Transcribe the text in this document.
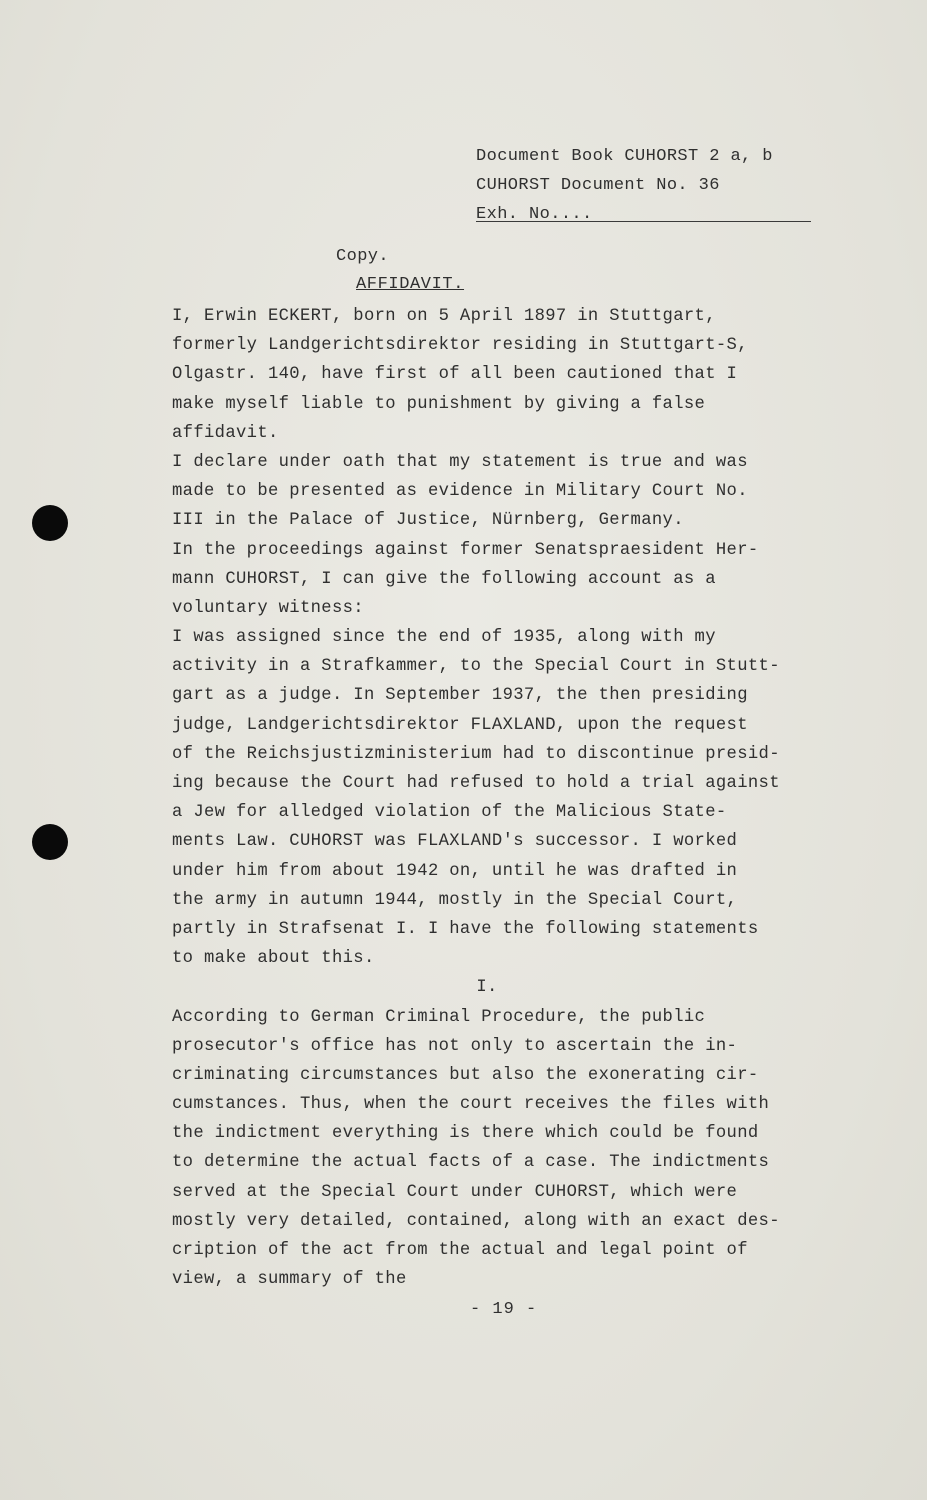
Document Book CUHORST 2 a, b
CUHORST Document No. 36
Exh. No....
Copy.
AFFIDAVIT.
I, Erwin ECKERT, born on 5 April 1897 in Stuttgart,
formerly Landgerichtsdirektor residing in Stuttgart-S,
Olgastr. 140, have first of all been cautioned that I
make myself liable to punishment by giving a false
affidavit.
I declare under oath that my statement is true and was
made to be presented as evidence in Military Court No.
III in the Palace of Justice, Nürnberg, Germany.
In the proceedings against former Senatspraesident Her-
mann CUHORST, I can give the following account as a
voluntary witness:
I was assigned since the end of 1935, along with my
activity in a Strafkammer, to the Special Court in Stutt-
gart as a judge. In September 1937, the then presiding
judge, Landgerichtsdirektor FLAXLAND, upon the request
of the Reichsjustizministerium had to discontinue presid-
ing because the Court had refused to hold a trial against
a Jew for alledged violation of the Malicious State-
ments Law. CUHORST was FLAXLAND's successor. I worked
under him from about 1942 on, until he was drafted in
the army in autumn 1944, mostly in the Special Court,
partly in Strafsenat I. I have the following statements
to make about this.
I.
According to German Criminal Procedure, the public
prosecutor's office has not only to ascertain the in-
criminating circumstances but also the exonerating cir-
cumstances. Thus, when the court receives the files with
the indictment everything is there which could be found
to determine the actual facts of a case. The indictments
served at the Special Court under CUHORST, which were
mostly very detailed, contained, along with an exact des-
cription of the act from the actual and legal point of
view, a summary of the
- 19 -
